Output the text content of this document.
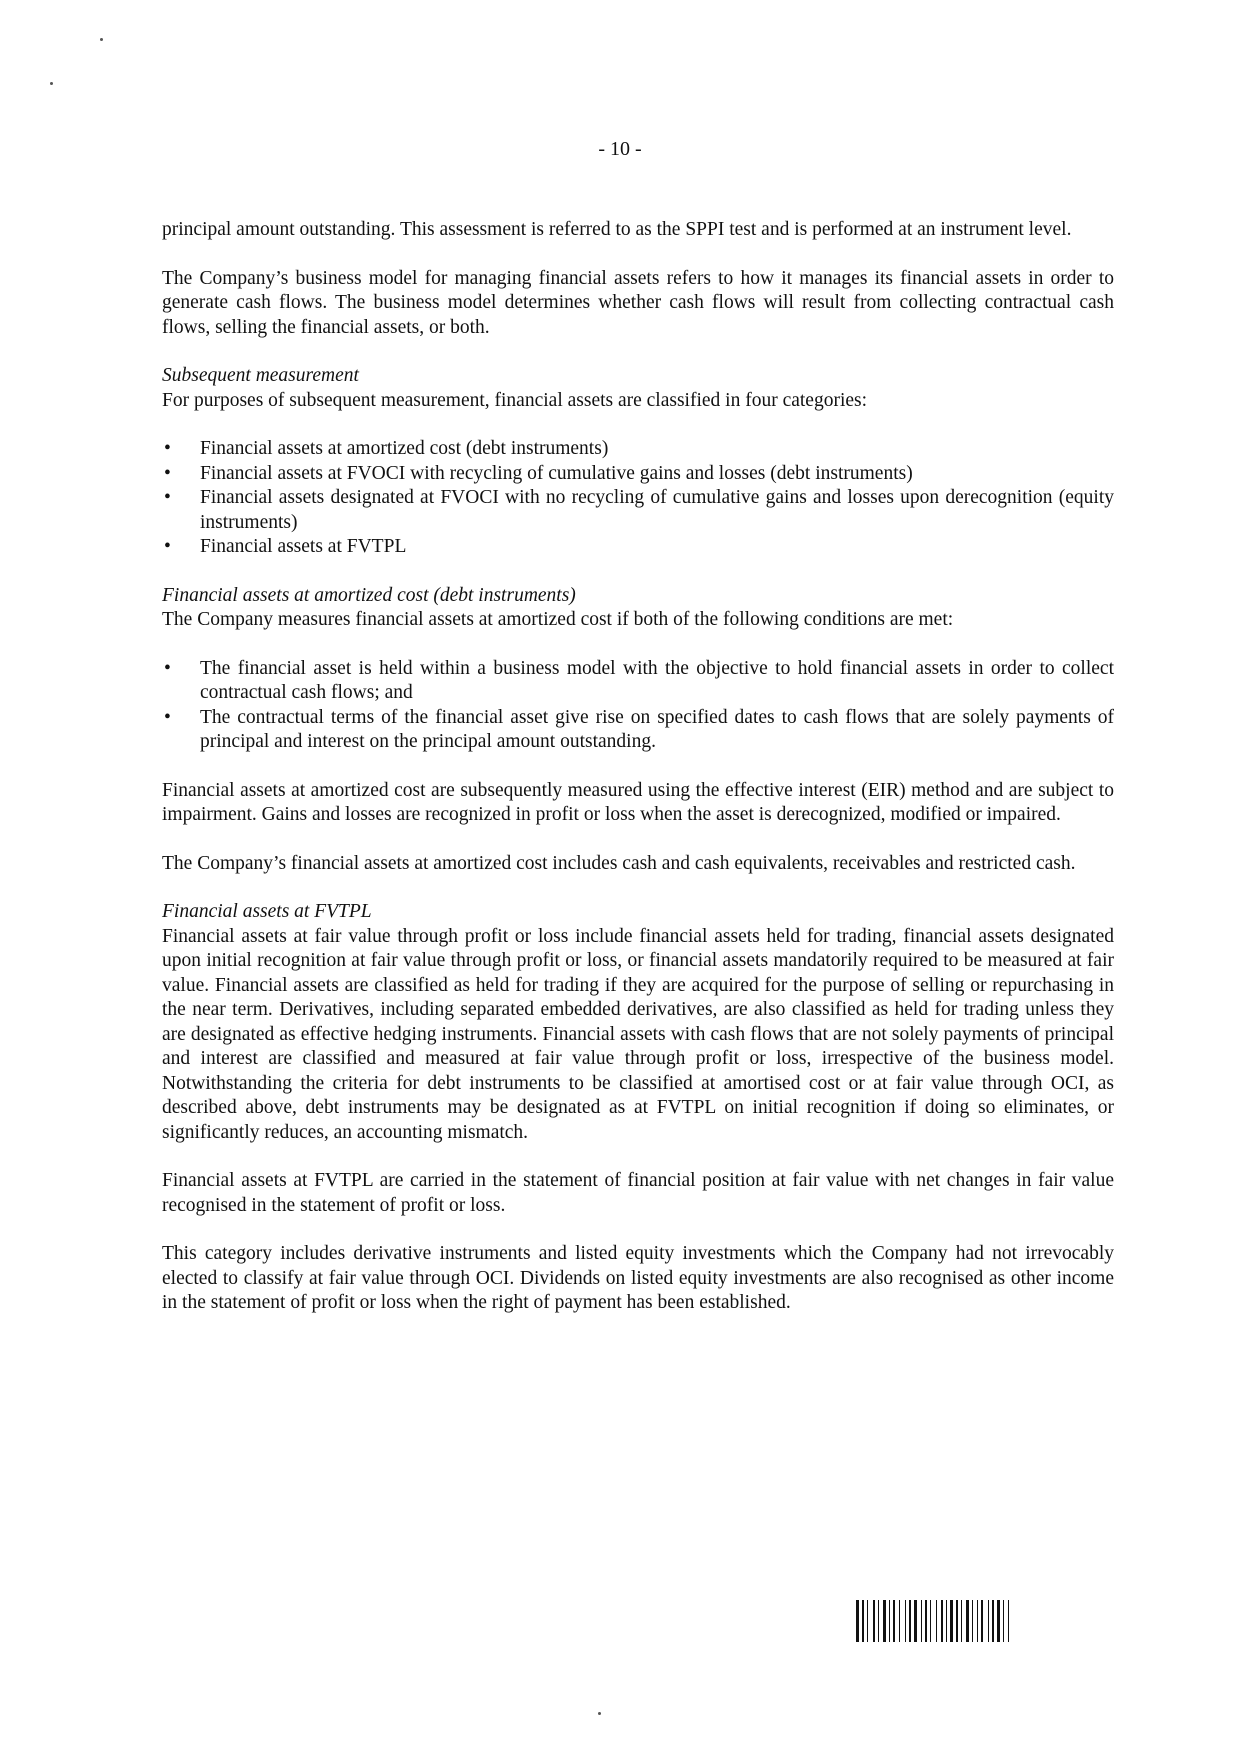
- 10 -

principal amount outstanding. This assessment is referred to as the SPPI test and is performed at an instrument level.

The Company’s business model for managing financial assets refers to how it manages its financial assets in order to generate cash flows. The business model determines whether cash flows will result from collecting contractual cash flows, selling the financial assets, or both.

Subsequent measurement

For purposes of subsequent measurement, financial assets are classified in four categories:

• Financial assets at amortized cost (debt instruments)
• Financial assets at FVOCI with recycling of cumulative gains and losses (debt instruments)
• Financial assets designated at FVOCI with no recycling of cumulative gains and losses upon derecognition (equity instruments)
• Financial assets at FVTPL
Financial assets at amortized cost (debt instruments)

The Company measures financial assets at amortized cost if both of the following conditions are met:

• The financial asset is held within a business model with the objective to hold financial assets in order to collect contractual cash flows; and
• The contractual terms of the financial asset give rise on specified dates to cash flows that are solely payments of principal and interest on the principal amount outstanding.

Financial assets at amortized cost are subsequently measured using the effective interest (EIR) method and are subject to impairment. Gains and losses are recognized in profit or loss when the asset is derecognized, modified or impaired.

The Company’s financial assets at amortized cost includes cash and cash equivalents, receivables and restricted cash.

Financial assets at FVTPL

Financial assets at fair value through profit or loss include financial assets held for trading, financial assets designated upon initial recognition at fair value through profit or loss, or financial assets mandatorily required to be measured at fair value. Financial assets are classified as held for trading if they are acquired for the purpose of selling or repurchasing in the near term. Derivatives, including separated embedded derivatives, are also classified as held for trading unless they are designated as effective hedging instruments. Financial assets with cash flows that are not solely payments of principal and interest are classified and measured at fair value through profit or loss, irrespective of the business model. Notwithstanding the criteria for debt instruments to be classified at amortised cost or at fair value through OCI, as described above, debt instruments may be designated as at FVTPL on initial recognition if doing so eliminates, or significantly reduces, an accounting mismatch.

Financial assets at FVTPL are carried in the statement of financial position at fair value with net changes in fair value recognised in the statement of profit or loss.

This category includes derivative instruments and listed equity investments which the Company had not irrevocably elected to classify at fair value through OCI. Dividends on listed equity investments are also recognised as other income in the statement of profit or loss when the right of payment has been established.
